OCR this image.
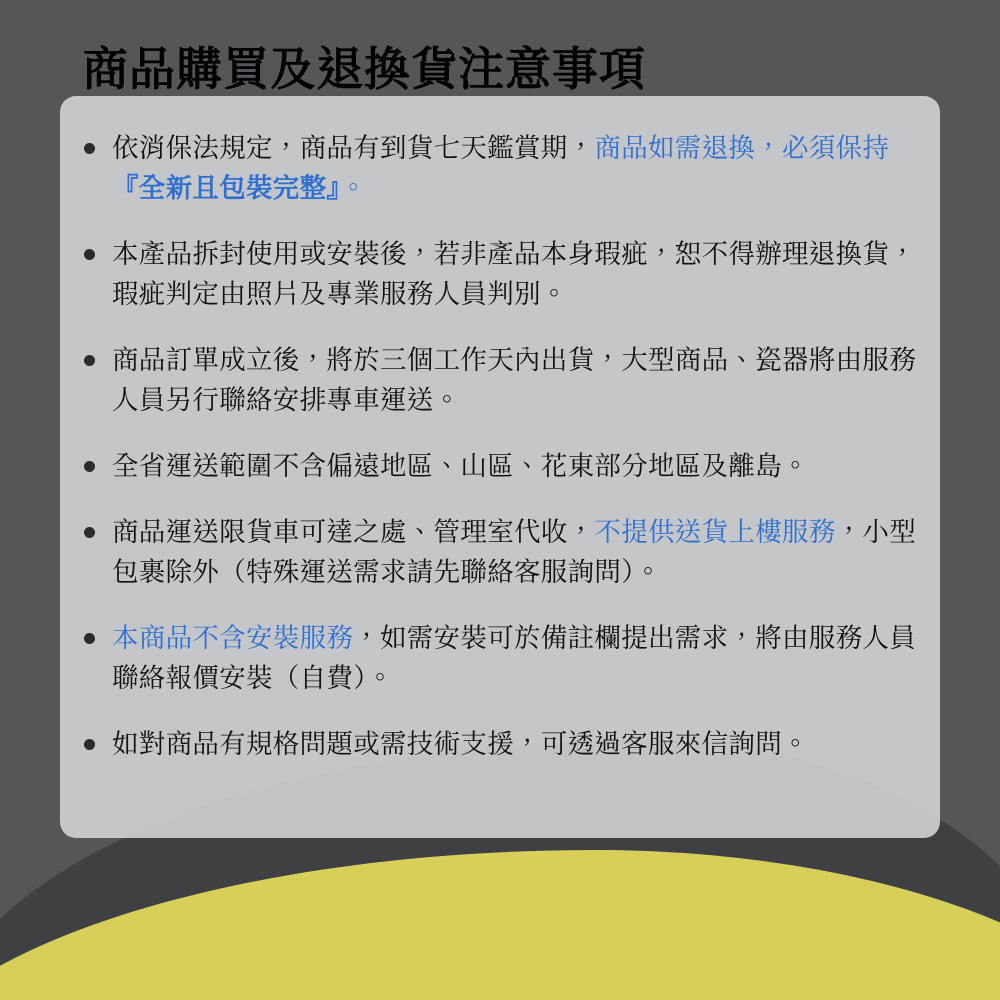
商品購買及退換貨注意事項
依消保法規定，商品有到貨七天鑑賞期，商品如需退換，必須保持『全新且包裝完整』。
本產品拆封使用或安裝後，若非產品本身瑕疵，恕不得辦理退換貨，瑕疵判定由照片及專業服務人員判別。
商品訂單成立後，將於三個工作天內出貨，大型商品、瓷器將由服務人員另行聯絡安排專車運送。
全省運送範圍不含偏遠地區、山區、花東部分地區及離島。
商品運送限貨車可達之處、管理室代收，不提供送貨上樓服務，小型包裹除外（特殊運送需求請先聯絡客服詢問）。
本商品不含安裝服務，如需安裝可於備註欄提出需求，將由服務人員聯絡報價安裝（自費）。
如對商品有規格問題或需技術支援，可透過客服來信詢問。
